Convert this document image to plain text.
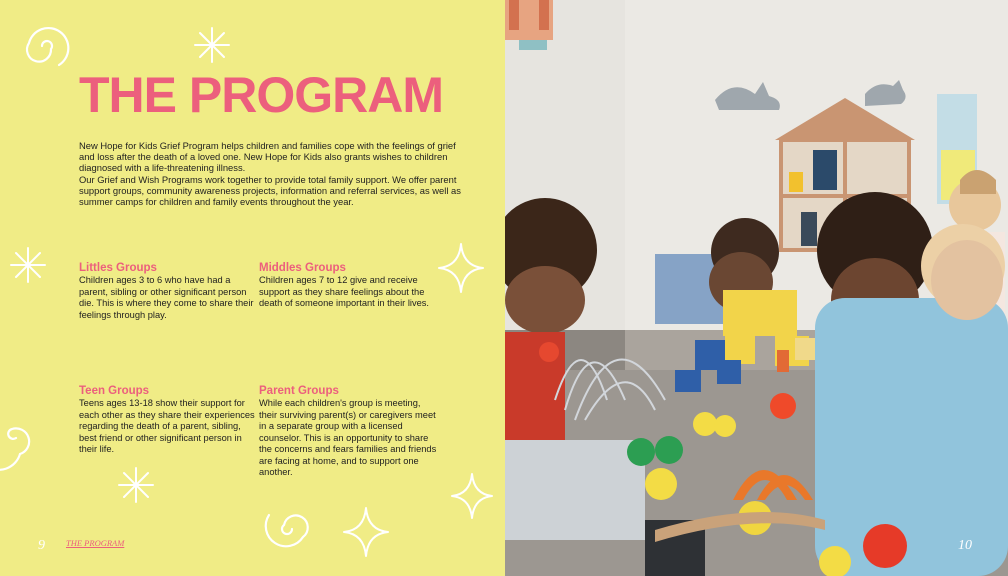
THE PROGRAM

New Hope for Kids Grief Program helps children and families cope with the feelings of grief and loss after the death of a loved one. New Hope for Kids also grants wishes to children diagnosed with a life-threatening illness.

Our Grief and Wish Programs work together to provide total family support. We offer parent support groups, community awareness projects, information and referral services, as well as summer camps for children and family events throughout the year.

Littles Groups

Children ages 3 to 6 who have had a parent, sibling or other significant person die. This is where they come to share their feelings through play.

Middles Groups

Children ages 7 to 12 give and receive support as they share feelings about the death of someone important in their lives.

Teen Groups

Teens ages 13-18 show their support for each other as they share their experiences regarding the death of a parent, sibling, best friend or other significant person in their life.

Parent Groups

While each children's group is meeting, their surviving parent(s) or caregivers meet in a separate group with a licensed counselor. This is an opportunity to share the concerns and fears families and friends are facing at home, and to support one another.

9 THE PROGRAM	10
